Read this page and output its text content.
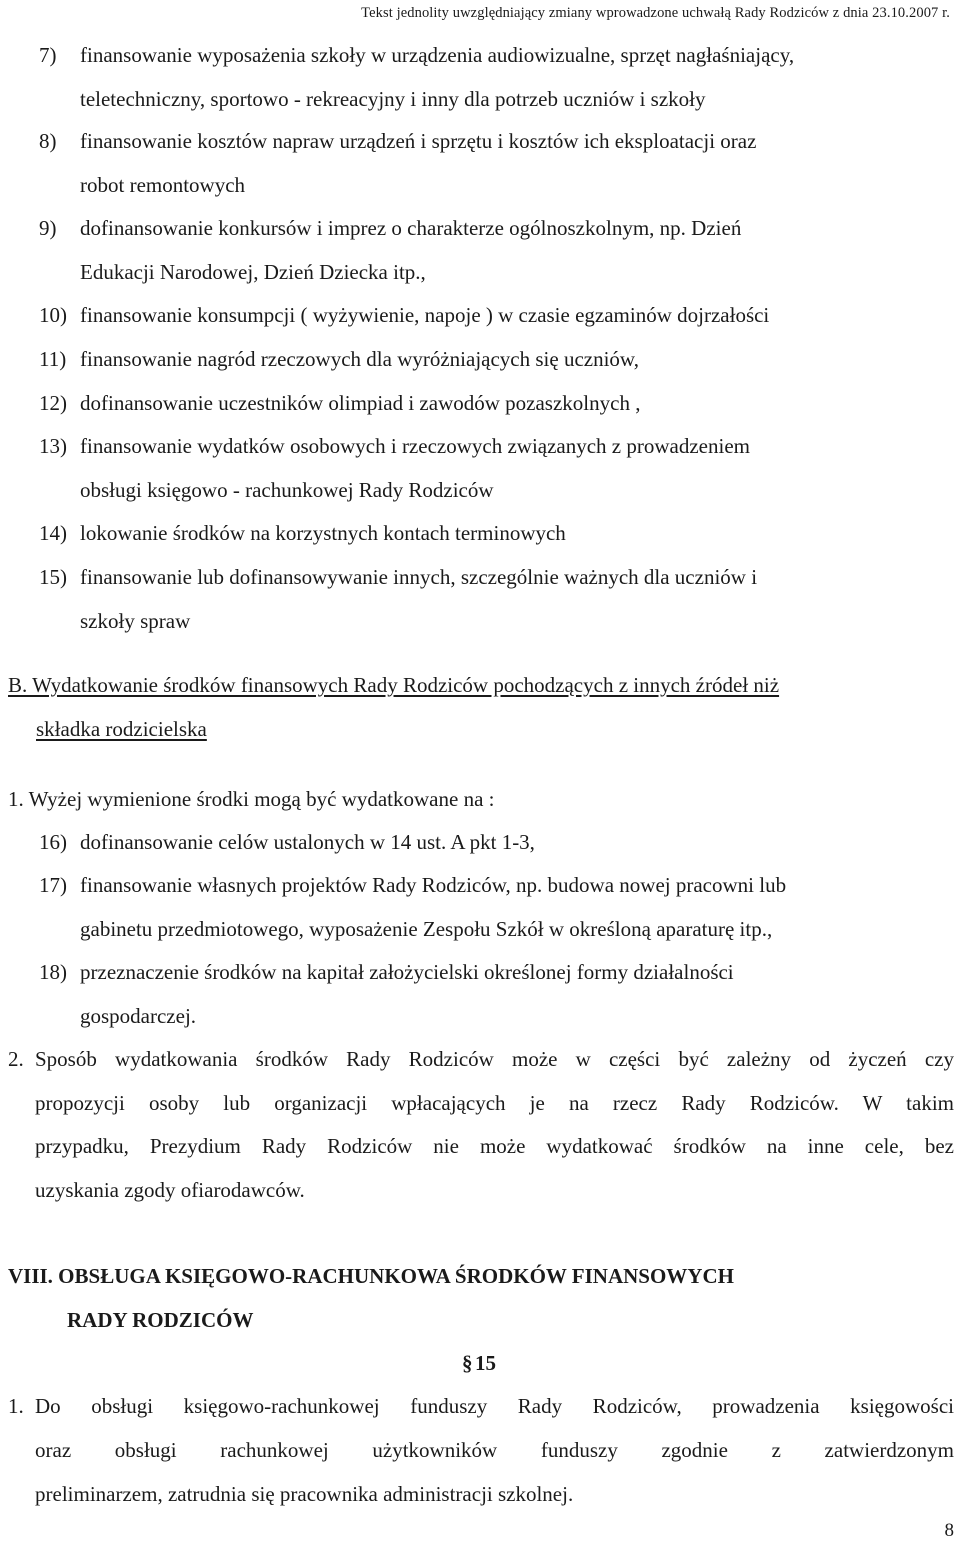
Tekst jednolity uwzględniający zmiany wprowadzone uchwałą Rady Rodziców z dnia 23.10.2007 r.
7) finansowanie wyposażenia szkoły w urządzenia audiowizualne, sprzęt nagłaśniający,
teletechniczny, sportowo - rekreacyjny i inny dla potrzeb uczniów i szkoły
8) finansowanie kosztów napraw urządzeń i sprzętu i kosztów ich eksploatacji oraz
robot remontowych
9) dofinansowanie konkursów i imprez o charakterze ogólnoszkolnym, np. Dzień
Edukacji Narodowej, Dzień Dziecka itp.,
10) finansowanie konsumpcji ( wyżywienie, napoje ) w czasie egzaminów dojrzałości
11) finansowanie nagród rzeczowych dla wyróżniających się uczniów,
12) dofinansowanie uczestników olimpiad i zawodów pozaszkolnych ,
13) finansowanie wydatków osobowych i rzeczowych związanych z prowadzeniem
obsługi księgowo - rachunkowej Rady Rodziców
14) lokowanie środków na korzystnych kontach terminowych
15) finansowanie lub dofinansowywanie innych, szczególnie ważnych dla uczniów i
szkoły spraw
B. Wydatkowanie środków finansowych Rady Rodziców pochodzących z innych źródeł niż
składka rodzicielska
1. Wyżej wymienione środki mogą być wydatkowane na :
16) dofinansowanie celów ustalonych w 14 ust. A pkt 1-3,
17) finansowanie własnych projektów Rady Rodziców, np. budowa nowej pracowni lub
gabinetu przedmiotowego, wyposażenie Zespołu Szkół w określoną aparaturę itp.,
18) przeznaczenie środków na kapitał założycielski określonej formy działalności
gospodarczej.
2. Sposób wydatkowania środków Rady Rodziców może w części być zależny od życzeń czy
propozycji osoby lub organizacji wpłacających je na rzecz Rady Rodziców. W takim
przypadku, Prezydium Rady Rodziców nie może wydatkować środków na inne cele, bez
uzyskania zgody ofiarodawców.
VIII. OBSŁUGA KSIĘGOWO-RACHUNKOWA ŚRODKÓW FINANSOWYCH
RADY RODZICÓW
§ 15
1. Do obsługi księgowo-rachunkowej funduszy Rady Rodziców, prowadzenia księgowości
oraz obsługi rachunkowej użytkowników funduszy zgodnie z zatwierdzonym
preliminarzem, zatrudnia się pracownika administracji szkolnej.
8
